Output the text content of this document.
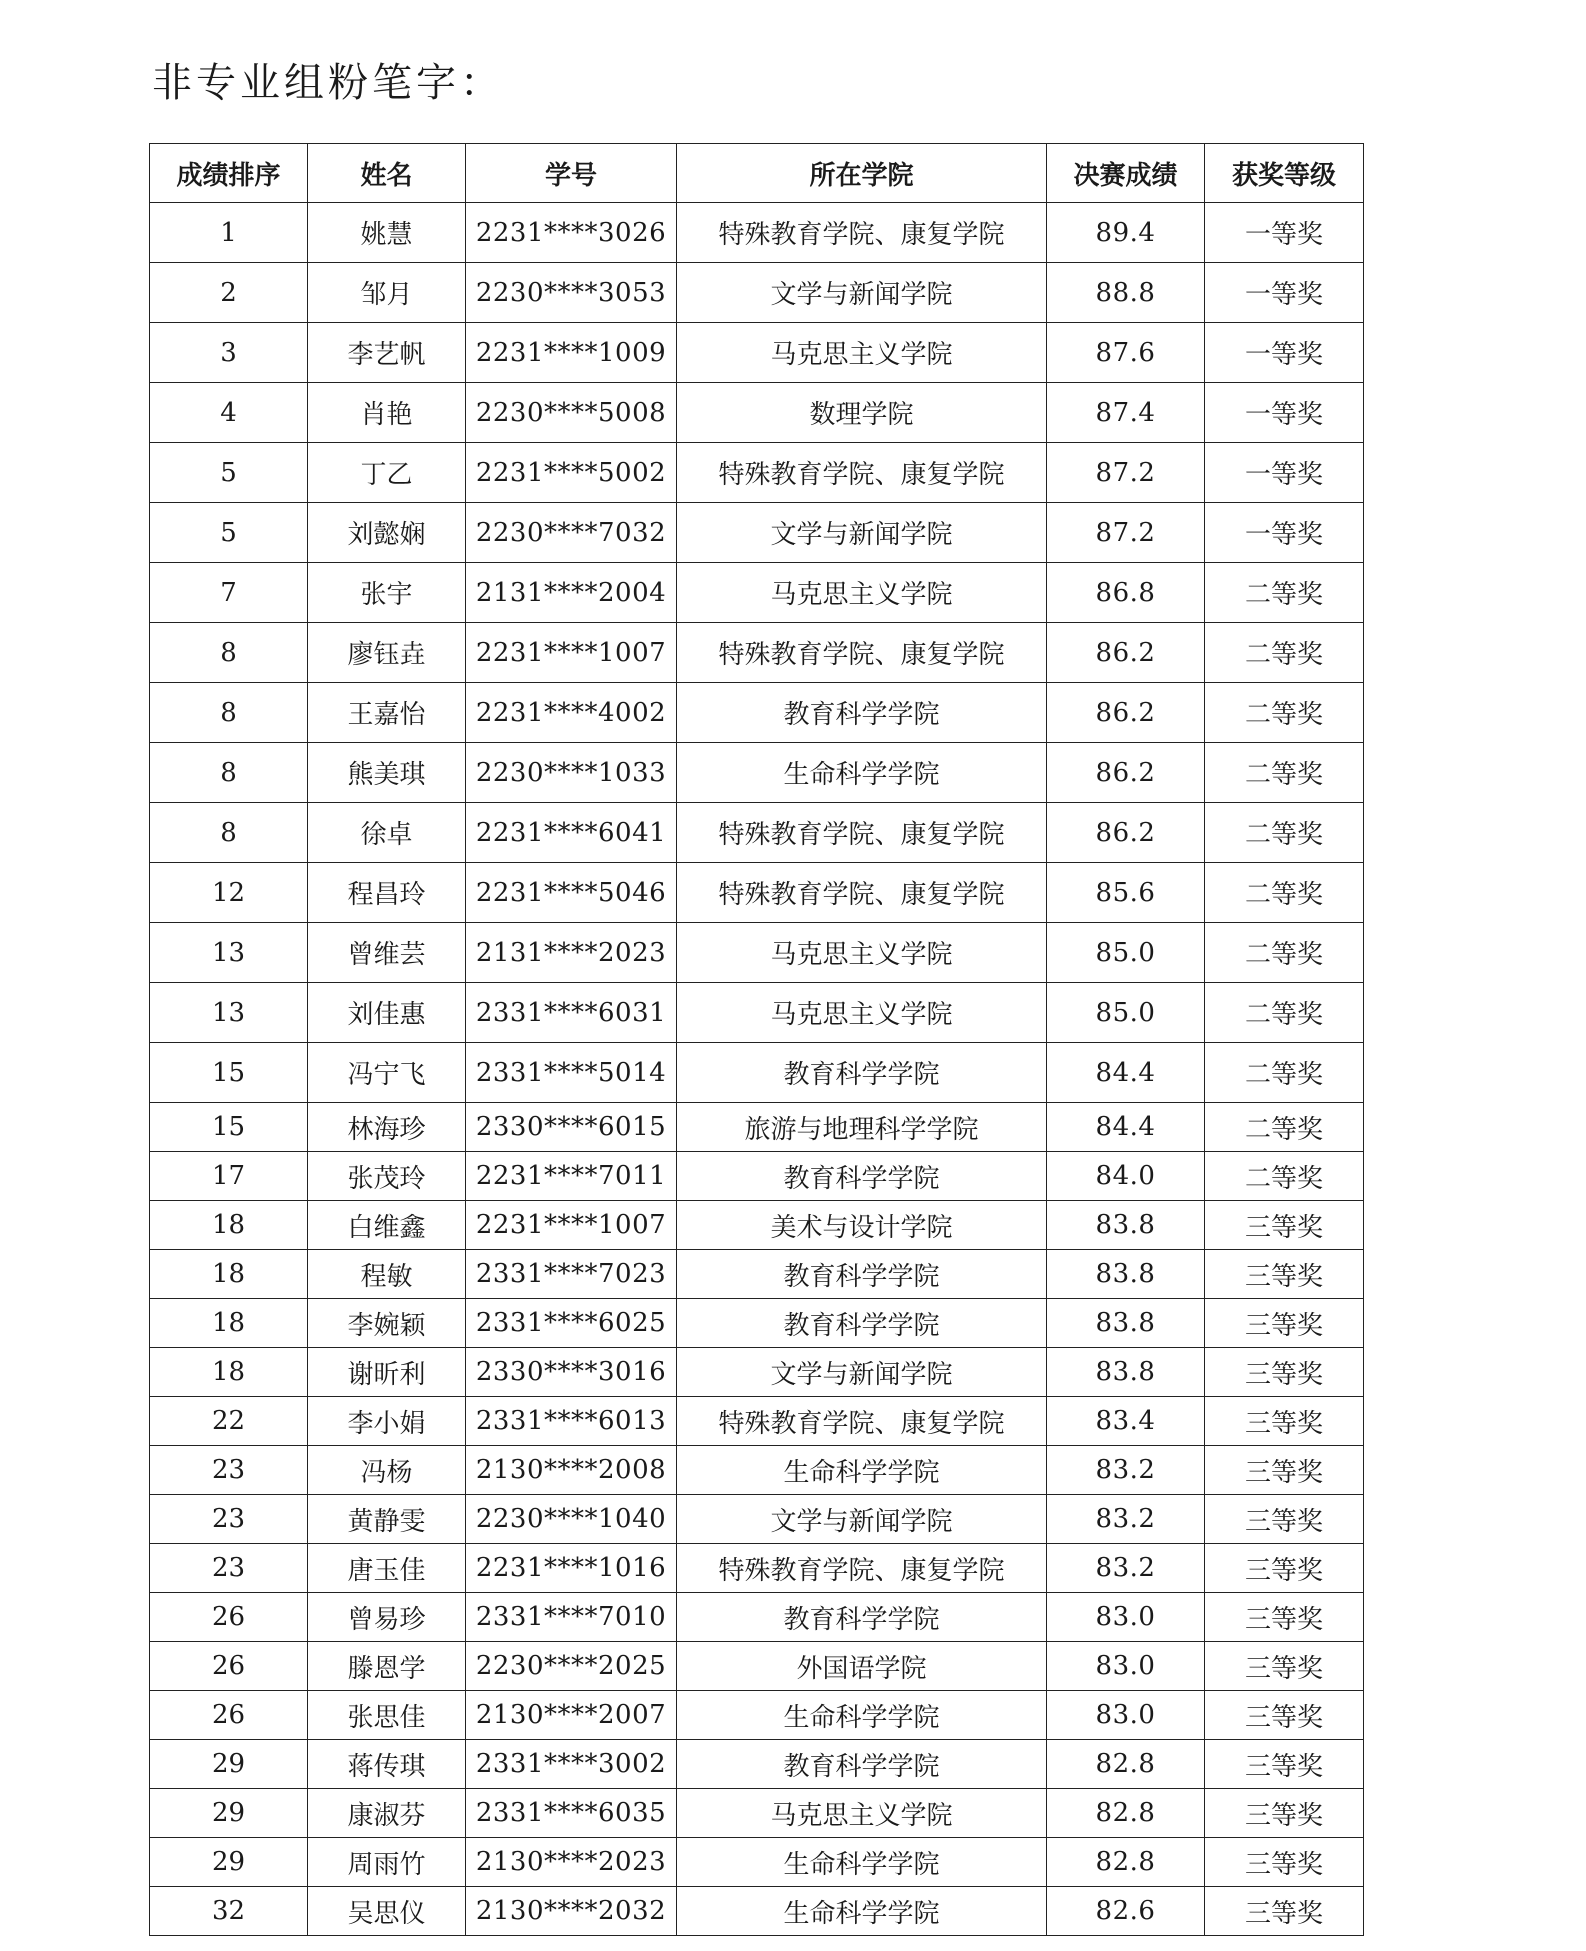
非专业组粉笔字：
成绩排序	姓名	学号	所在学院	决赛成绩	获奖等级
1	姚慧	2231****3026	特殊教育学院、康复学院	89.4	一等奖
2	邹月	2230****3053	文学与新闻学院	88.8	一等奖
3	李艺帆	2231****1009	马克思主义学院	87.6	一等奖
4	肖艳	2230****5008	数理学院	87.4	一等奖
5	丁乙	2231****5002	特殊教育学院、康复学院	87.2	一等奖
5	刘懿娴	2230****7032	文学与新闻学院	87.2	一等奖
7	张宇	2131****2004	马克思主义学院	86.8	二等奖
8	廖钰垚	2231****1007	特殊教育学院、康复学院	86.2	二等奖
8	王嘉怡	2231****4002	教育科学学院	86.2	二等奖
8	熊美琪	2230****1033	生命科学学院	86.2	二等奖
8	徐卓	2231****6041	特殊教育学院、康复学院	86.2	二等奖
12	程昌玲	2231****5046	特殊教育学院、康复学院	85.6	二等奖
13	曾维芸	2131****2023	马克思主义学院	85.0	二等奖
13	刘佳惠	2331****6031	马克思主义学院	85.0	二等奖
15	冯宁飞	2331****5014	教育科学学院	84.4	二等奖
15	林海珍	2330****6015	旅游与地理科学学院	84.4	二等奖
17	张茂玲	2231****7011	教育科学学院	84.0	二等奖
18	白维鑫	2231****1007	美术与设计学院	83.8	三等奖
18	程敏	2331****7023	教育科学学院	83.8	三等奖
18	李婉颖	2331****6025	教育科学学院	83.8	三等奖
18	谢昕利	2330****3016	文学与新闻学院	83.8	三等奖
22	李小娟	2331****6013	特殊教育学院、康复学院	83.4	三等奖
23	冯杨	2130****2008	生命科学学院	83.2	三等奖
23	黄静雯	2230****1040	文学与新闻学院	83.2	三等奖
23	唐玉佳	2231****1016	特殊教育学院、康复学院	83.2	三等奖
26	曾易珍	2331****7010	教育科学学院	83.0	三等奖
26	滕恩学	2230****2025	外国语学院	83.0	三等奖
26	张思佳	2130****2007	生命科学学院	83.0	三等奖
29	蒋传琪	2331****3002	教育科学学院	82.8	三等奖
29	康淑芬	2331****6035	马克思主义学院	82.8	三等奖
29	周雨竹	2130****2023	生命科学学院	82.8	三等奖
32	吴思仪	2130****2032	生命科学学院	82.6	三等奖
